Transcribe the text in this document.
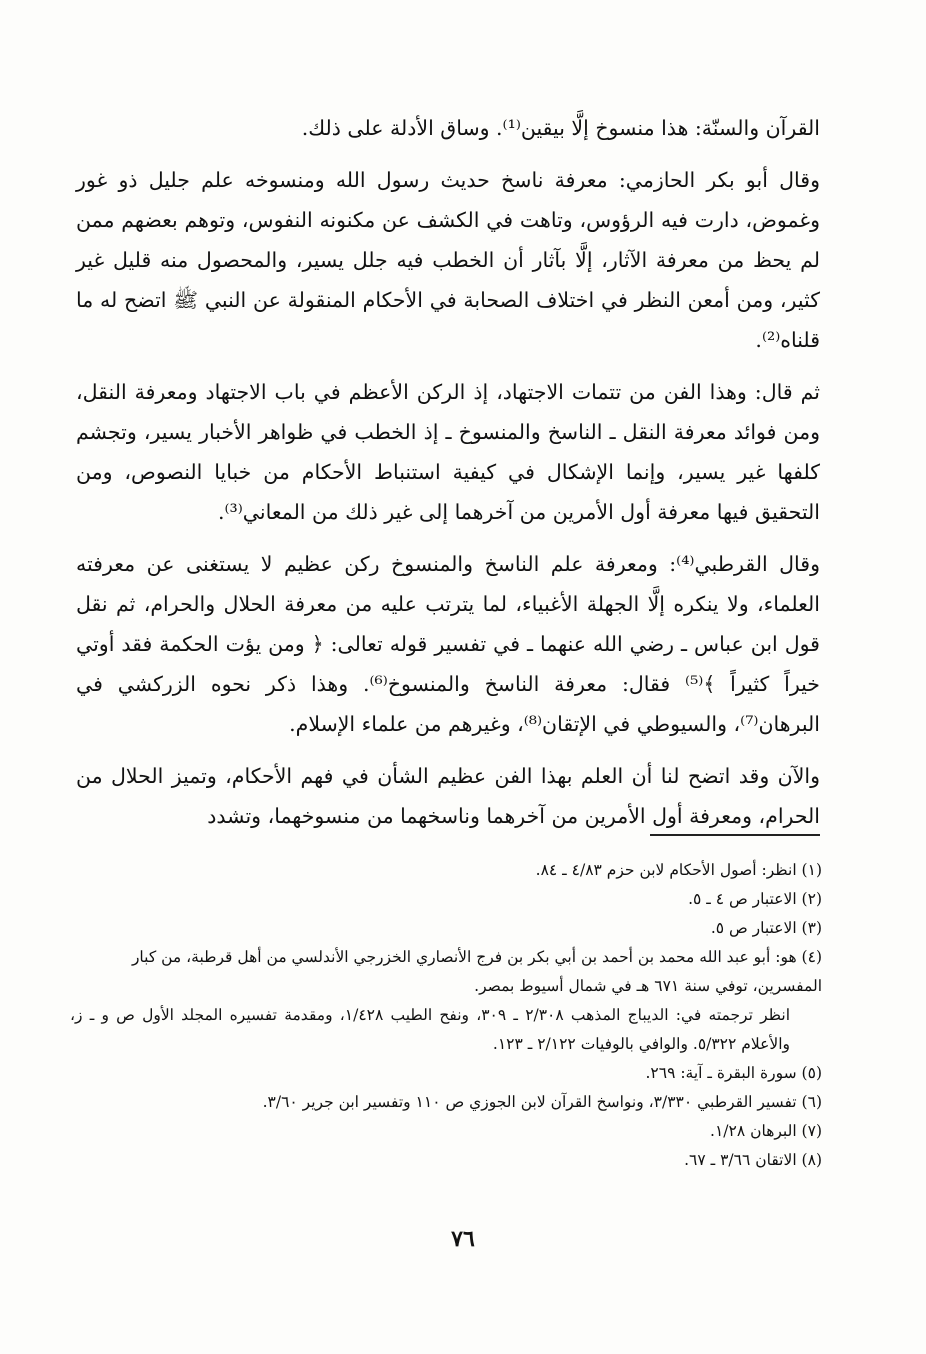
القرآن والسنّة: هذا منسوخ إلَّا بيقين⁽¹⁾. وساق الأدلة على ذلك.

وقال أبو بكر الحازمي: معرفة ناسخ حديث رسول الله ومنسوخه علم جليل ذو غور وغموض، دارت فيه الرؤوس، وتاهت في الكشف عن مكنونه النفوس، وتوهم بعضهم ممن لم يحظ من معرفة الآثار، إلَّا بآثار أن الخطب فيه جلل يسير، والمحصول منه قليل غير كثير، ومن أمعن النظر في اختلاف الصحابة في الأحكام المنقولة عن النبي ﷺ اتضح له ما قلناه⁽²⁾.

ثم قال: وهذا الفن من تتمات الاجتهاد، إذ الركن الأعظم في باب الاجتهاد ومعرفة النقل، ومن فوائد معرفة النقل ـ الناسخ والمنسوخ ـ إذ الخطب في ظواهر الأخبار يسير، وتجشم كلفها غير يسير، وإنما الإشكال في كيفية استنباط الأحكام من خبايا النصوص، ومن التحقيق فيها معرفة أول الأمرين من آخرهما إلى غير ذلك من المعاني⁽³⁾.

وقال القرطبي⁽⁴⁾: ومعرفة علم الناسخ والمنسوخ ركن عظيم لا يستغنى عن معرفته العلماء، ولا ينكره إلَّا الجهلة الأغبياء، لما يترتب عليه من معرفة الحلال والحرام، ثم نقل قول ابن عباس ـ رضي الله عنهما ـ في تفسير قوله تعالى: ﴿ ومن يؤت الحكمة فقد أوتي خيراً كثيراً ﴾⁽⁵⁾ فقال: معرفة الناسخ والمنسوخ⁽⁶⁾. وهذا ذكر نحوه الزركشي في البرهان⁽⁷⁾، والسيوطي في الإتقان⁽⁸⁾، وغيرهم من علماء الإسلام.

والآن وقد اتضح لنا أن العلم بهذا الفن عظيم الشأن في فهم الأحكام، وتميز الحلال من الحرام، ومعرفة أول الأمرين من آخرهما وناسخهما من منسوخهما، وتشدد

(١) انظر: أصول الأحكام لابن حزم ٤/٨٣ ـ ٨٤.

(٢) الاعتبار ص ٤ ـ ٥.

(٣) الاعتبار ص ٥.

(٤) هو: أبو عبد الله محمد بن أحمد بن أبي بكر بن فرج الأنصاري الخزرجي الأندلسي من أهل قرطبة، من كبار المفسرين، توفي سنة ٦٧١ هـ في شمال أسيوط بمصر.

انظر ترجمته في: الديباج المذهب ٢/٣٠٨ ـ ٣٠٩، ونفح الطيب ١/٤٢٨، ومقدمة تفسيره المجلد الأول ص و ـ ز، والأعلام ٥/٣٢٢. والوافي بالوفيات ٢/١٢٢ ـ ١٢٣.

(٥) سورة البقرة ـ آية: ٢٦٩.

(٦) تفسير القرطبي ٣/٣٣٠، ونواسخ القرآن لابن الجوزي ص ١١٠ وتفسير ابن جرير ٣/٦٠.

(٧) البرهان ١/٢٨.

(٨) الاتقان ٣/٦٦ ـ ٦٧.

٧٦
